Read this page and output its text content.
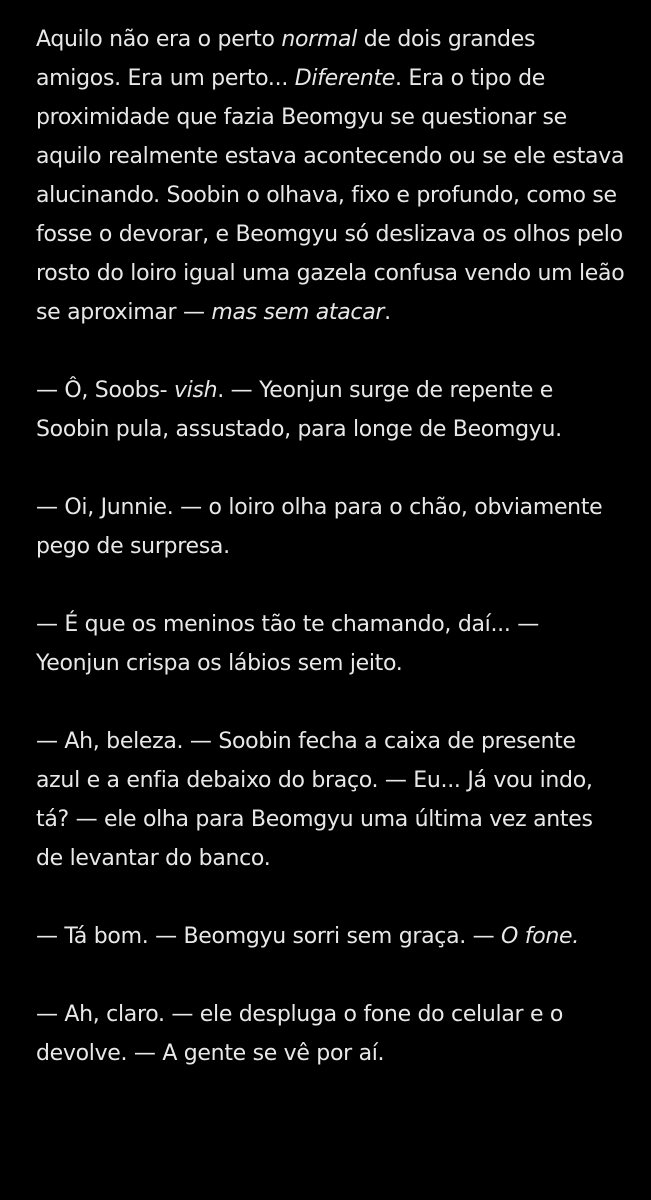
Aquilo não era o perto normal de dois grandes amigos. Era um perto... Diferente. Era o tipo de proximidade que fazia Beomgyu se questionar se aquilo realmente estava acontecendo ou se ele estava alucinando. Soobin o olhava, fixo e profundo, como se fosse o devorar, e Beomgyu só deslizava os olhos pelo rosto do loiro igual uma gazela confusa vendo um leão se aproximar — mas sem atacar.

— Ô, Soobs- vish. — Yeonjun surge de repente e Soobin pula, assustado, para longe de Beomgyu.

— Oi, Junnie. — o loiro olha para o chão, obviamente pego de surpresa.

— É que os meninos tão te chamando, daí... — Yeonjun crispa os lábios sem jeito.

— Ah, beleza. — Soobin fecha a caixa de presente azul e a enfia debaixo do braço. — Eu... Já vou indo, tá? — ele olha para Beomgyu uma última vez antes de levantar do banco.

— Tá bom. — Beomgyu sorri sem graça. — O fone.

— Ah, claro. — ele despluga o fone do celular e o devolve. — A gente se vê por aí.
